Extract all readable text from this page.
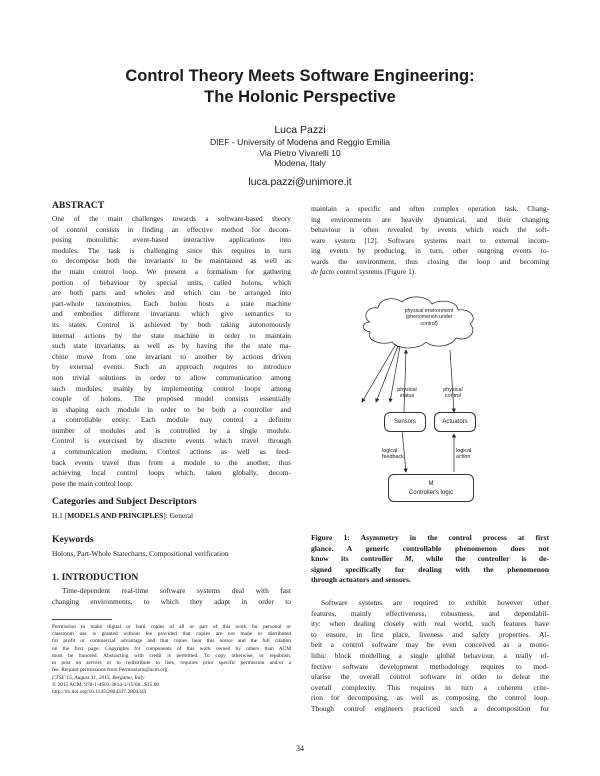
Control Theory Meets Software Engineering:
The Holonic Perspective
Luca Pazzi
DIEF - University of Modena and Reggio Emilia
Via Pietro Vivarelli 10
Modena, Italy
luca.pazzi@unimore.it
ABSTRACT
One of the main challenges towards a software-based theory
of control consists in finding an effective method for decom-
posing monolithic event-based interactive applications into
modules. The task is challenging since this requires in turn
to decompose both the invariants to be maintained as well as
the main control loop. We present a formalism for gathering
portion of behaviour by special units, called holons, which
are both parts and wholes and which can be arranged into
part-whole taxonomies. Each holon hosts a state machine
and embodies different invariants which give semantics to
its states. Control is achieved by both taking autonomously
internal actions by the state machine in order to maintain
such state invariants, as well as by having the the state ma-
chine move from one invariant to another by actions driven
by external events. Such an approach requires to introduce
non trivial solutions in order to allow communication among
such modules, mainly by implementing control loops among
couple of holons. The proposed model consists essentially
in shaping each module in order to be both a controller and
a controllable entity. Each module may control a definite
number of modules and is controlled by a single module.
Control is exercised by discrete events which travel through
a communication medium. Control actions as well as feed-
back events travel thus from a module to the another, thus
achieving local control loops which, taken globally, decom-
pose the main control loop.
Categories and Subject Descriptors
H.1 [MODELS AND PRINCIPLES]: General
Keywords
Holons, Part-Whole Statecharts, Compositional verification
1. INTRODUCTION
Time-dependent real-time software systems deal with fast
changing environments, to which they adapt in order to
Permission to make digital or hard copies of all or part of this work for personal or
classroom use is granted without fee provided that copies are not made or distributed
for profit or commercial advantage and that copies bear this notice and the full citation
on the first page. Copyrights for components of this work owned by others than ACM
must be honored. Abstracting with credit is permitted. To copy otherwise, or republish,
to post on servers or to redistribute to lists, requires prior specific permission and/or a
fee. Request permissions from Permissions@acm.org.
CTSE’15, August 31, 2015, Bergamo, Italy
© 2015 ACM. 978-1-4503-3814-1/15/08...$15.00
http://dx.doi.org/10.1145/2804337.2804343
maintain a specific and often complex operation task. Chang-
ing environments are heavily dynamical, and their changing
behaviour is often revealed by events which reach the soft-
ware system [12]. Software systems react to external incom-
ing events by producing, in turn, other outgoing events to-
wards the environment, thus closing the loop and becoming
de facto control systems (Figure 1).
physical environment
(phenomenon under
control)
physical
status
physical
control
Sensors	Actuators
logical
feedback
logical
action
M
Controller's logic
Figure 1: Asymmetry in the control process at first
glance. A generic controllable phenomenon does not
know its controller M, while the controller is de-
signed specifically for dealing with the phenomenon
through actuators and sensors.
Software systems are required to exhibit however other
features, mainly effectiveness, robustness, and dependabil-
ity: when dealing closely with real world, such features have
to ensure, in first place, liveness and safety properties. Al-
beit a control software may be even conceived as a mono-
lithic block modelling a single global behaviour, a really ef-
fective software development methodology requires to mod-
ularise the overall control software in order to defeat the
overall complexity. This requires in turn a coherent crite-
rion for decomposing, as well as composing, the control loop.
Though control engineers practiced such a decomposition for
34
